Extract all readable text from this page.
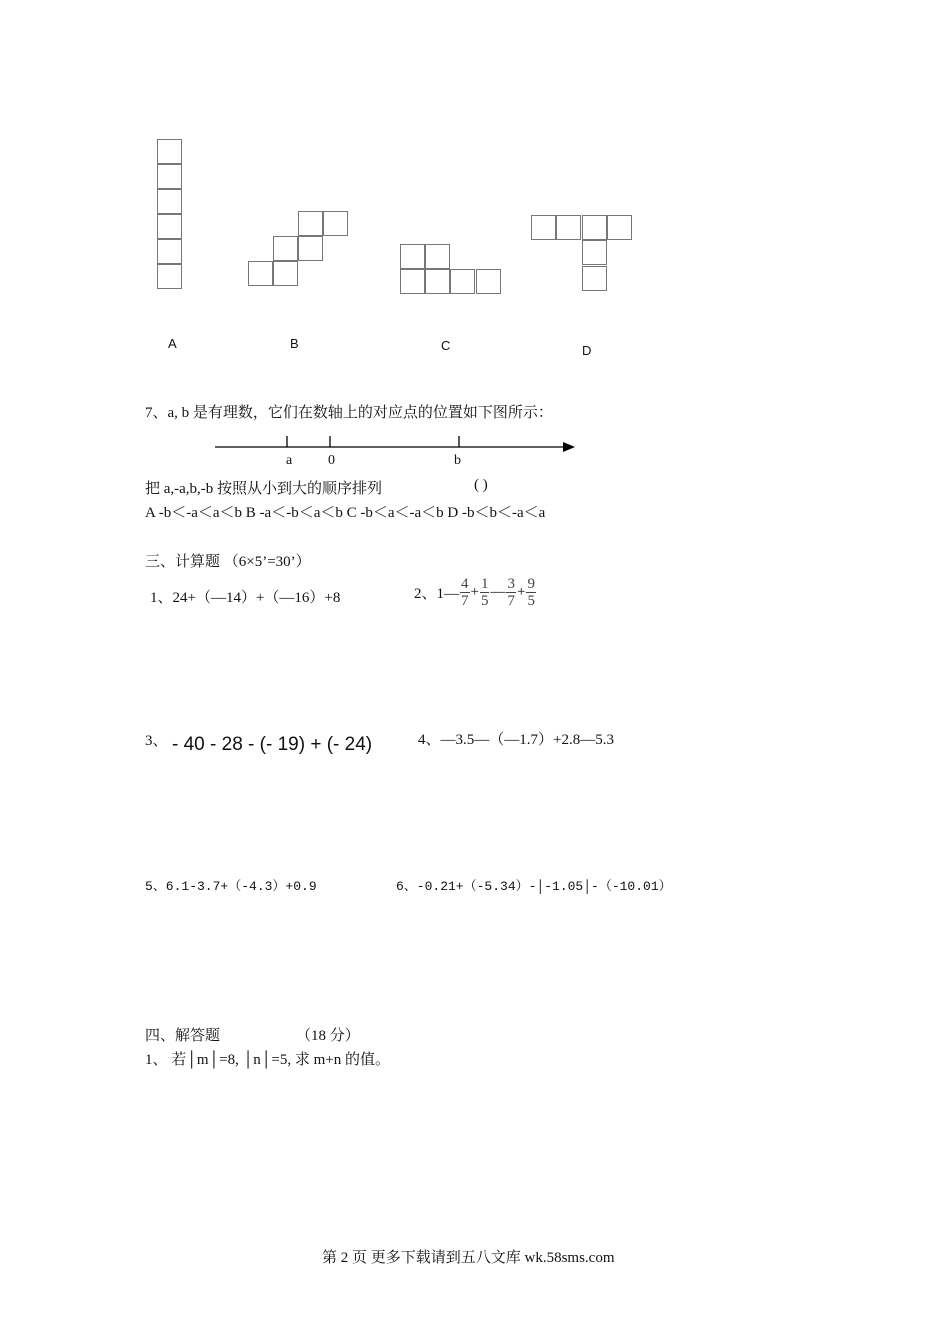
A	B	C	D
7、a, b 是有理数，它们在数轴上的对应点的位置如下图所示：
a	0	b
把 a,-a,b,-b 按照从小到大的顺序排列	( )
A -b＜-a＜a＜b B -a＜-b＜a＜b C -b＜a＜-a＜b D -b＜b＜-a＜a
三、计算题 （6×5’=30’）
1、24+（—14）+（—16）+8	2、1— $\frac{4}{7} + \frac{1}{5}$ — $\frac{3}{7} + \frac{9}{5}$
3、 - 40 - 28 - (- 19) + (- 24)	4、—3.5—（—1.7）+2.8—5.3
5、6.1-3.7+（-4.3）+0.9	6、-0.21+（-5.34）-│-1.05│-（-10.01）
四、解答题	（18 分）
1、 若│m│=8, │n│=5, 求 m+n 的值。
第 2 页 更多下载请到五八文库 wk.58sms.com
